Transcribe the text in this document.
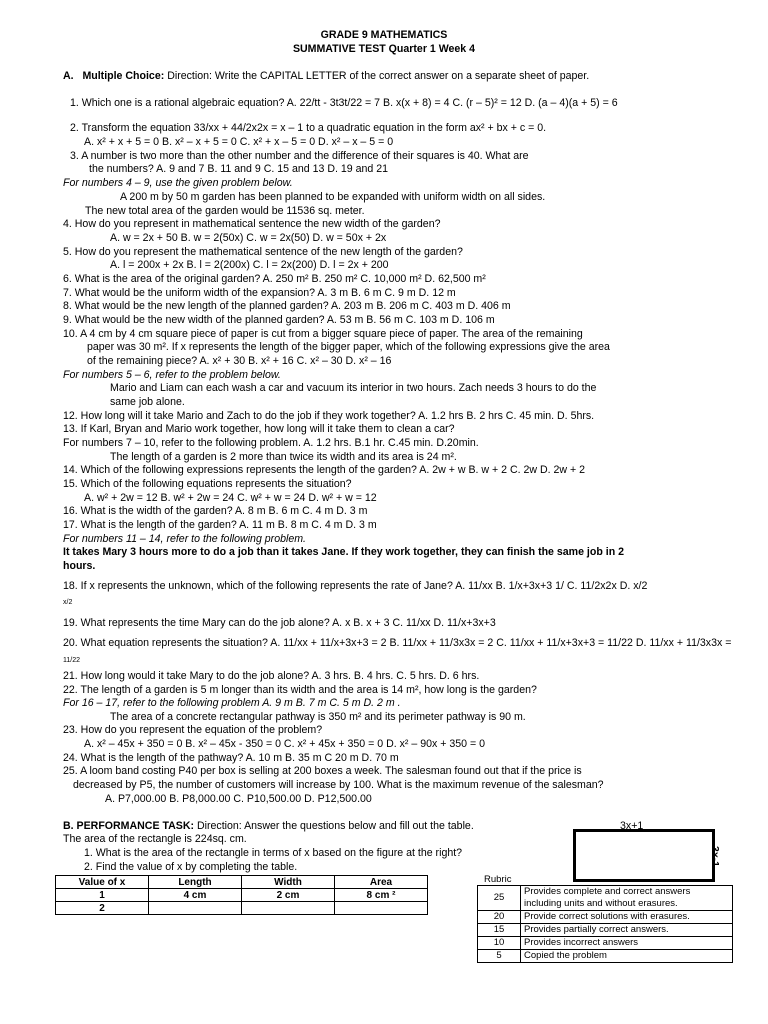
GRADE 9 MATHEMATICS
SUMMATIVE TEST Quarter 1 Week 4
A. Multiple Choice: Direction: Write the CAPITAL LETTER of the correct answer on a separate sheet of paper.
1. Which one is a rational algebraic equation? A. 22/tt - 3t3t/22 = 7 B. x(x + 8) = 4 C. (r – 5)² = 12 D. (a – 4)(a + 5) = 6
2. Transform the equation 33/xx + 44/2x2x = x – 1 to a quadratic equation in the form ax² + bx + c = 0.
A. x² + x + 5 = 0 B. x² – x + 5 = 0 C. x² + x – 5 = 0 D. x² – x – 5 = 0
3. A number is two more than the other number and the difference of their squares is 40. What are
the numbers? A. 9 and 7 B. 11 and 9 C. 15 and 13 D. 19 and 21
For numbers 4 – 9, use the given problem below.
A 200 m by 50 m garden has been planned to be expanded with uniform width on all sides.
The new total area of the garden would be 11536 sq. meter.
4. How do you represent in mathematical sentence the new width of the garden?
A. w = 2x + 50 B. w = 2(50x) C. w = 2x(50) D. w = 50x + 2x
5. How do you represent the mathematical sentence of the new length of the garden?
A. l = 200x + 2x B. l = 2(200x) C. l = 2x(200) D. l = 2x + 200
6. What is the area of the original garden? A. 250 m² B. 250 m² C. 10,000 m² D. 62,500 m²
7. What would be the uniform width of the expansion? A. 3 m B. 6 m C. 9 m D. 12 m
8. What would be the new length of the planned garden? A. 203 m B. 206 m C. 403 m D. 406 m
9. What would be the new width of the planned garden? A. 53 m B. 56 m C. 103 m D. 106 m
10. A 4 cm by 4 cm square piece of paper is cut from a bigger square piece of paper. The area of the remaining
paper was 30 m². If x represents the length of the bigger paper, which of the following expressions give the area
of the remaining piece? A. x² + 30 B. x² + 16 C. x² – 30 D. x² – 16
For numbers 5 – 6, refer to the problem below.
Mario and Liam can each wash a car and vacuum its interior in two hours. Zach needs 3 hours to do the
same job alone.
12. How long will it take Mario and Zach to do the job if they work together? A. 1.2 hrs B. 2 hrs C. 45 min. D. 5hrs.
13. If Karl, Bryan and Mario work together, how long will it take them to clean a car?
For numbers 7 – 10, refer to the following problem. A. 1.2 hrs. B.1 hr. C.45 min. D.20min.
The length of a garden is 2 more than twice its width and its area is 24 m².
14. Which of the following expressions represents the length of the garden? A. 2w + w B. w + 2 C. 2w D. 2w + 2
15. Which of the following equations represents the situation?
A. w² + 2w = 12 B. w² + 2w = 24 C. w² + w = 24 D. w² + w = 12
16. What is the width of the garden? A. 8 m B. 6 m C. 4 m D. 3 m
17. What is the length of the garden? A. 11 m B. 8 m C. 4 m D. 3 m
For numbers 11 – 14, refer to the following problem.
It takes Mary 3 hours more to do a job than it takes Jane. If they work together, they can finish the same job in 2
hours.
18. If x represents the unknown, which of the following represents the rate of Jane? A. 11/xx B. 1/x+3x+3 1/ C. 11/2x2x D. x/2
x/2
19. What represents the time Mary can do the job alone? A. x B. x + 3 C. 11/xx D. 11/x+3x+3
20. What equation represents the situation? A. 11/xx + 11/x+3x+3 = 2 B. 11/xx + 11/3x3x = 2 C. 11/xx + 11/x+3x+3 = 11/22 D. 11/xx + 11/3x3x =
11/22
21. How long would it take Mary to do the job alone? A. 3 hrs. B. 4 hrs. C. 5 hrs. D. 6 hrs.
22. The length of a garden is 5 m longer than its width and the area is 14 m², how long is the garden?
For 16 – 17, refer to the following problem A. 9 m B. 7 m C. 5 m D. 2 m .
The area of a concrete rectangular pathway is 350 m² and its perimeter pathway is 90 m.
23. How do you represent the equation of the problem?
A. x² – 45x + 350 = 0 B. x² – 45x - 350 = 0 C. x² + 45x + 350 = 0 D. x² – 90x + 350 = 0
24. What is the length of the pathway? A. 10 m B. 35 m C 20 m D. 70 m
25. A loom band costing P40 per box is selling at 200 boxes a week. The salesman found out that if the price is
decreased by P5, the number of customers will increase by 100. What is the maximum revenue of the salesman?
A. P7,000.00 B. P8,000.00 C. P10,500.00 D. P12,500.00
B. PERFORMANCE TASK: Direction: Answer the questions below and fill out the table.
The area of the rectangle is 224sq. cm.
1. What is the area of the rectangle in terms of x based on the figure at the right?
2. Find the value of x by completing the table.
3x+1
3x-1
Value of x	Length	Width	Area
1	4 cm	2 cm	8 cm ²
2			
Rubric
25	Provides complete and correct answers including units and without erasures.
20	Provide correct solutions with erasures.
15	Provides partially correct answers.
10	Provides incorrect answers
5	Copied the problem
